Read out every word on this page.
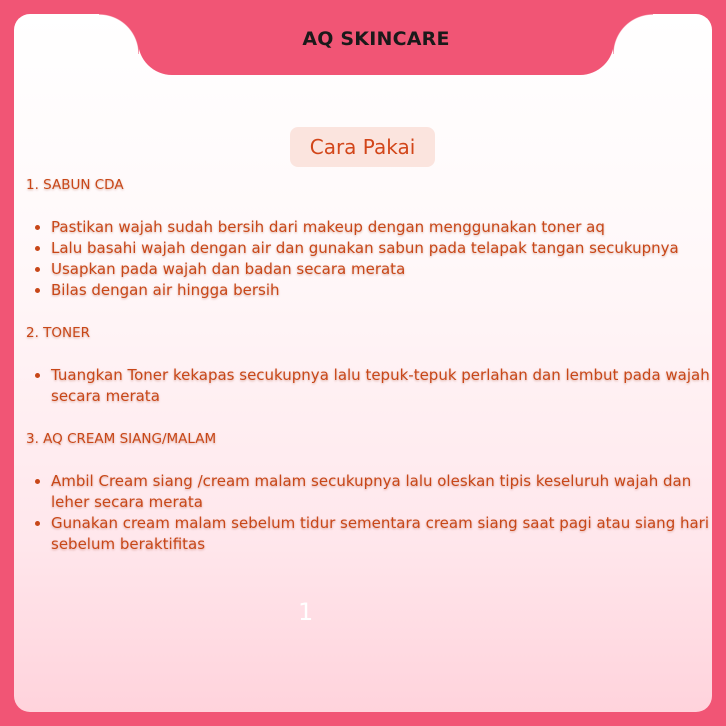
AQ SKINCARE
Cara Pakai
1. SABUN CDA
• Pastikan wajah sudah bersih dari makeup dengan menggunakan toner aq
• Lalu basahi wajah dengan air dan gunakan sabun pada telapak tangan secukupnya
• Usapkan pada wajah dan badan secara merata
• Bilas dengan air hingga bersih
2. TONER
• Tuangkan Toner kekapas secukupnya lalu tepuk-tepuk perlahan dan lembut pada wajah secara merata
3. AQ CREAM SIANG/MALAM
• Ambil Cream siang /cream malam secukupnya lalu oleskan tipis keseluruh wajah dan leher secara merata
• Gunakan cream malam sebelum tidur sementara cream siang saat pagi atau siang hari sebelum beraktifitas
1
